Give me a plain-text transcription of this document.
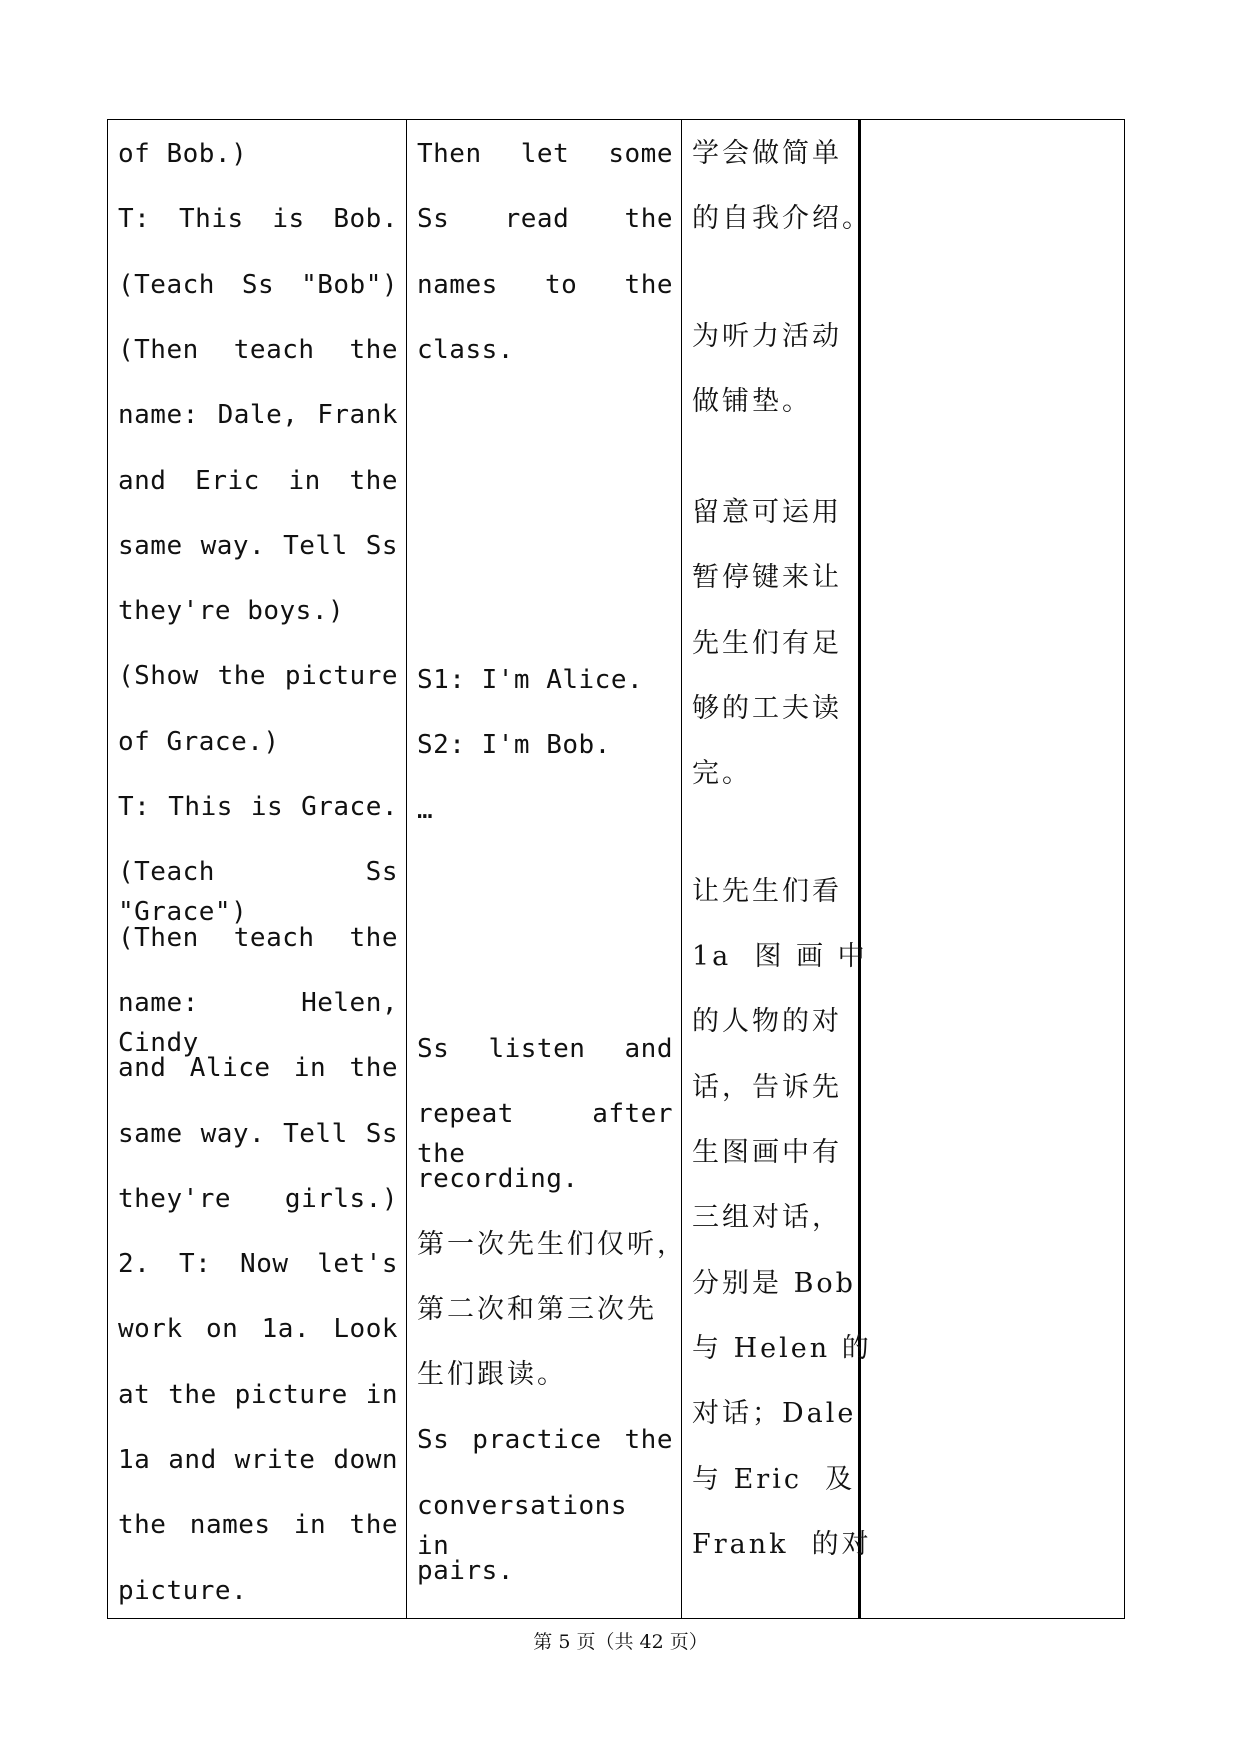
of Bob.)
T: This is Bob.
(Teach Ss "Bob")
(Then teach the
name: Dale, Frank
and Eric in the
same way. Tell Ss
they're boys.)
(Show the picture
of Grace.)
T: This is Grace.
(Teach Ss "Grace")
(Then teach the
name: Helen, Cindy
and Alice in the
same way. Tell Ss
they're girls.)
2. T: Now let's
work on 1a. Look
at the picture in
1a and write down
the names in the
picture.
Then let some
Ss read the
names to the
class.
S1: I'm Alice.
S2: I'm Bob.
…
Ss listen and
repeat after the
recording.
第一次先生们仅听，
第二次和第三次先
生们跟读。
Ss practice the
conversations in
pairs.
学会做简单
的自我介绍。
为听力活动
做铺垫。
留意可运用
暂停键来让
先生们有足
够的工夫读
完。
让先生们看
1a  图 画 中
的人物的对
话，告诉先
生图画中有
三组对话，
分别是 Bob
与 Helen 的
对话；Dale
与 Eric  及
Frank  的对
第 5 页（共 42 页）
